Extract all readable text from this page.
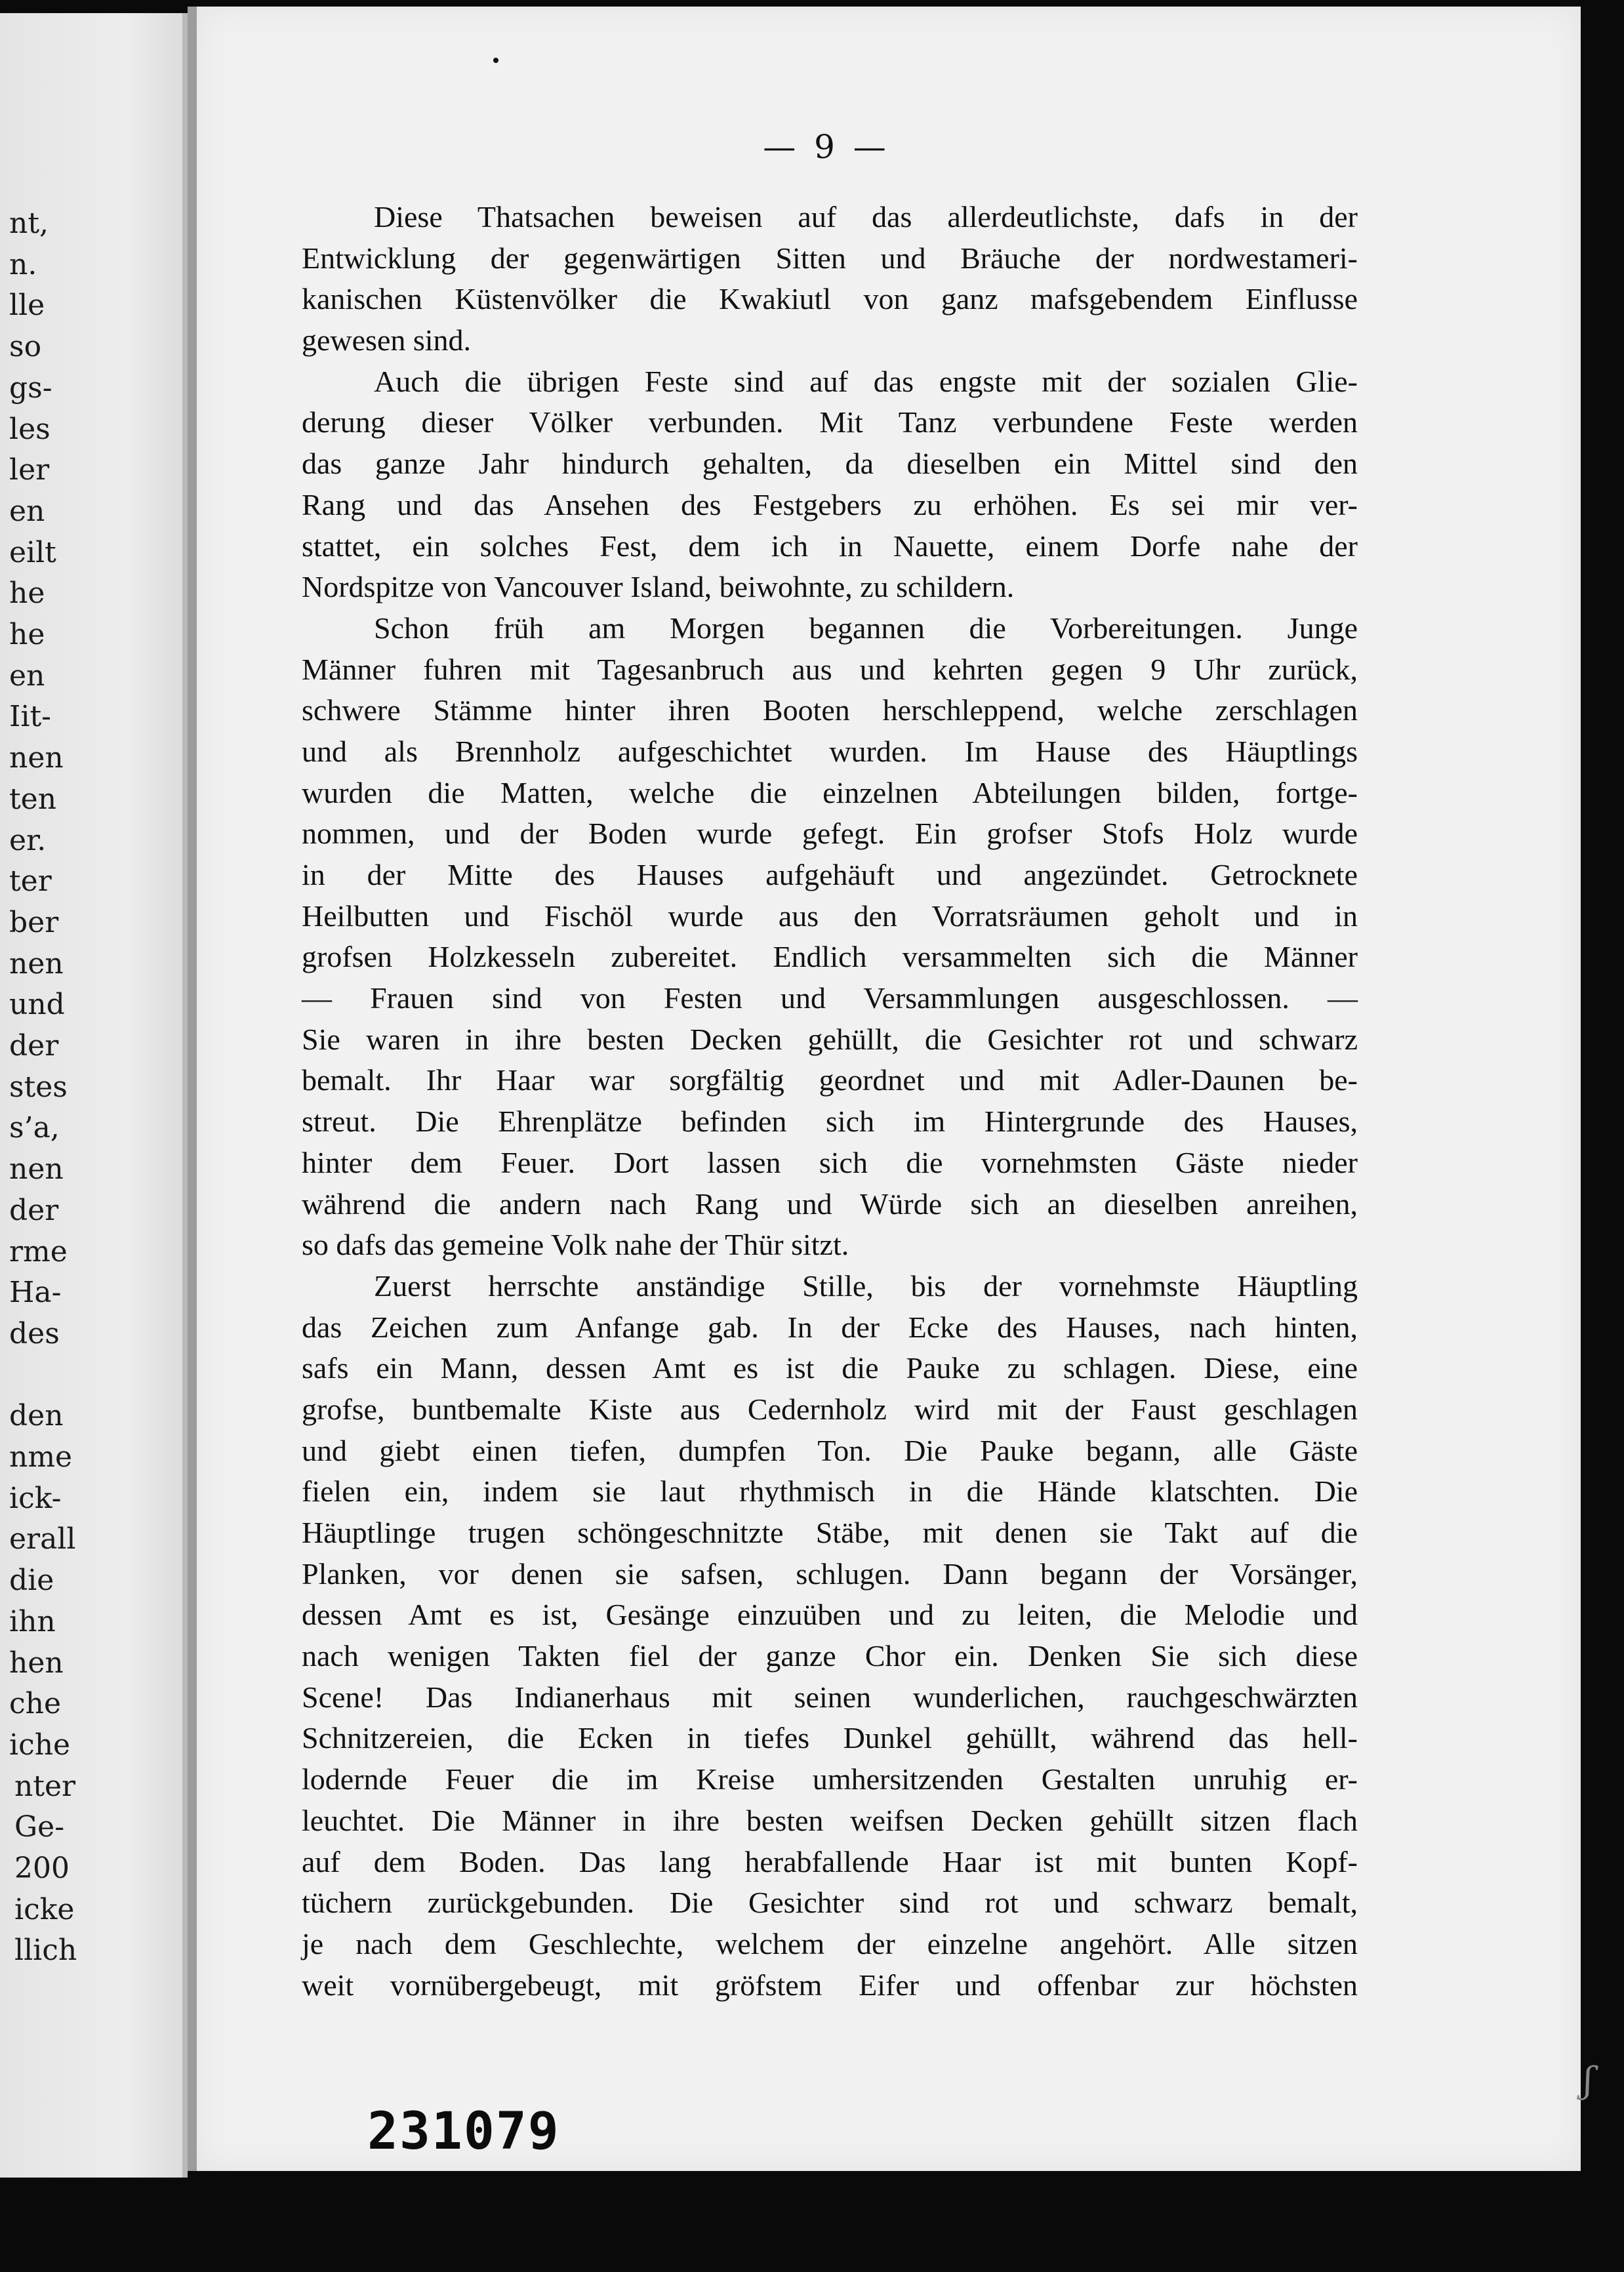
nt,
n.
lle
so
gs-
les
ler
en
eilt
he
he
en
Iit-
nen
ten
er.
ter
ber
nen
und
der
stes
s’a,
nen
der
rme
Ha-
des
den
nme
ick-
erall
die
ihn
hen
che
iche
nter
Ge-
200
icke
llich
— 9 —
Diese Thatsachen beweisen auf das allerdeutlichste, dafs in der
Entwicklung der gegenwärtigen Sitten und Bräuche der nordwestameri-
kanischen Küstenvölker die Kwakiutl von ganz mafsgebendem Einflusse
gewesen sind.
Auch die übrigen Feste sind auf das engste mit der sozialen Glie-
derung dieser Völker verbunden. Mit Tanz verbundene Feste werden
das ganze Jahr hindurch gehalten, da dieselben ein Mittel sind den
Rang und das Ansehen des Festgebers zu erhöhen. Es sei mir ver-
stattet, ein solches Fest, dem ich in Nauette, einem Dorfe nahe der
Nordspitze von Vancouver Island, beiwohnte, zu schildern.
Schon früh am Morgen begannen die Vorbereitungen. Junge
Männer fuhren mit Tagesanbruch aus und kehrten gegen 9 Uhr zurück,
schwere Stämme hinter ihren Booten herschleppend, welche zerschlagen
und als Brennholz aufgeschichtet wurden. Im Hause des Häuptlings
wurden die Matten, welche die einzelnen Abteilungen bilden, fortge-
nommen, und der Boden wurde gefegt. Ein grofser Stofs Holz wurde
in der Mitte des Hauses aufgehäuft und angezündet. Getrocknete
Heilbutten und Fischöl wurde aus den Vorratsräumen geholt und in
grofsen Holzkesseln zubereitet. Endlich versammelten sich die Männer
— Frauen sind von Festen und Versammlungen ausgeschlossen. —
Sie waren in ihre besten Decken gehüllt, die Gesichter rot und schwarz
bemalt. Ihr Haar war sorgfältig geordnet und mit Adler-Daunen be-
streut. Die Ehrenplätze befinden sich im Hintergrunde des Hauses,
hinter dem Feuer. Dort lassen sich die vornehmsten Gäste nieder
während die andern nach Rang und Würde sich an dieselben anreihen,
so dafs das gemeine Volk nahe der Thür sitzt.
Zuerst herrschte anständige Stille, bis der vornehmste Häuptling
das Zeichen zum Anfange gab. In der Ecke des Hauses, nach hinten,
safs ein Mann, dessen Amt es ist die Pauke zu schlagen. Diese, eine
grofse, buntbemalte Kiste aus Cedernholz wird mit der Faust geschlagen
und giebt einen tiefen, dumpfen Ton. Die Pauke begann, alle Gäste
fielen ein, indem sie laut rhythmisch in die Hände klatschten. Die
Häuptlinge trugen schöngeschnitzte Stäbe, mit denen sie Takt auf die
Planken, vor denen sie safsen, schlugen. Dann begann der Vorsänger,
dessen Amt es ist, Gesänge einzuüben und zu leiten, die Melodie und
nach wenigen Takten fiel der ganze Chor ein. Denken Sie sich diese
Scene! Das Indianerhaus mit seinen wunderlichen, rauchgeschwärzten
Schnitzereien, die Ecken in tiefes Dunkel gehüllt, während das hell-
lodernde Feuer die im Kreise umhersitzenden Gestalten unruhig er-
leuchtet. Die Männer in ihre besten weifsen Decken gehüllt sitzen flach
auf dem Boden. Das lang herabfallende Haar ist mit bunten Kopf-
tüchern zurückgebunden. Die Gesichter sind rot und schwarz bemalt,
je nach dem Geschlechte, welchem der einzelne angehört. Alle sitzen
weit vornübergebeugt, mit gröfstem Eifer und offenbar zur höchsten
231079
ʃ
